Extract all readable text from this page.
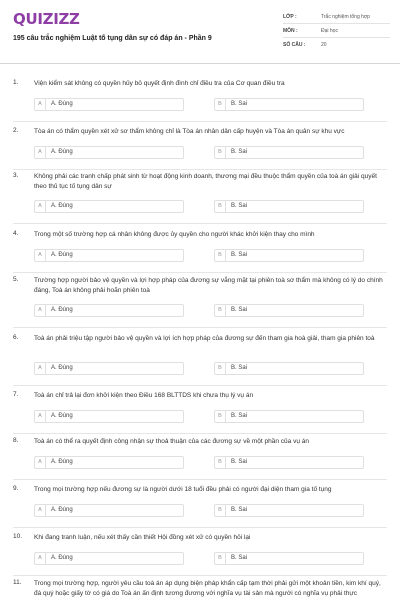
QUIZIZZ
195 câu trắc nghiệm Luật tố tụng dân sự có đáp án - Phần 9
LỚP :	Trắc nghiệm tổng hợp
MÔN :	Đại học
SỐ CÂU :	20
1. Viện kiểm sát không có quyền hủy bỏ quyết định đình chỉ điều tra của Cơ quan điều tra
A	A. Đúng	B	B. Sai
2. Tòa án có thẩm quyền xét xử sơ thẩm không chỉ là Tòa án nhân dân cấp huyện và Tòa án quân sự khu vực
A	A. Đúng	B	B. Sai
3. Không phải các tranh chấp phát sinh từ hoạt động kinh doanh, thương mại đều thuộc thẩm quyền của toà án giải quyết theo thủ tục tố tụng dân sự
A	A. Đúng	B	B. Sai
4. Trong một số trường hợp cá nhân không được ủy quyền cho người khác khởi kiện thay cho mình
A	A. Đúng	B	B. Sai
5. Trường hợp người bảo vệ quyền và lợi hợp pháp của đương sự vắng mặt tại phiên toà sơ thẩm mà không có lý do chính đáng, Toà án không phải hoãn phiên toà
A	A. Đúng	B	B. Sai
6. Toà án phải triệu tập người bảo vệ quyền và lợi ích hợp pháp của đương sự đến tham gia hoà giải, tham gia phiên toà
A	A. Đúng	B	B. Sai
7. Toà án chỉ trả lại đơn khởi kiện theo Điều 168 BLTTDS khi chưa thụ lý vụ án
A	A. Đúng	B	B. Sai
8. Toà án có thể ra quyết định công nhận sự thoả thuận của các đương sự về một phần của vụ án
A	A. Đúng	B	B. Sai
9. Trong mọi trường hợp nếu đương sự là người dưới 18 tuổi đều phải có người đại diện tham gia tố tụng
A	A. Đúng	B	B. Sai
10. Khi đang tranh luận, nếu xét thấy cần thiết Hội đồng xét xử có quyền hỏi lại
A	A. Đúng	B	B. Sai
11. Trong mọi trường hợp, người yêu cầu toà án áp dụng biện pháp khẩn cấp tạm thời phải gửi một khoản tiền, kim khí quý, đá quý hoặc giấy tờ có giá do Toà án ấn định tương đương với nghĩa vụ tài sản mà người có nghĩa vụ phải thực
